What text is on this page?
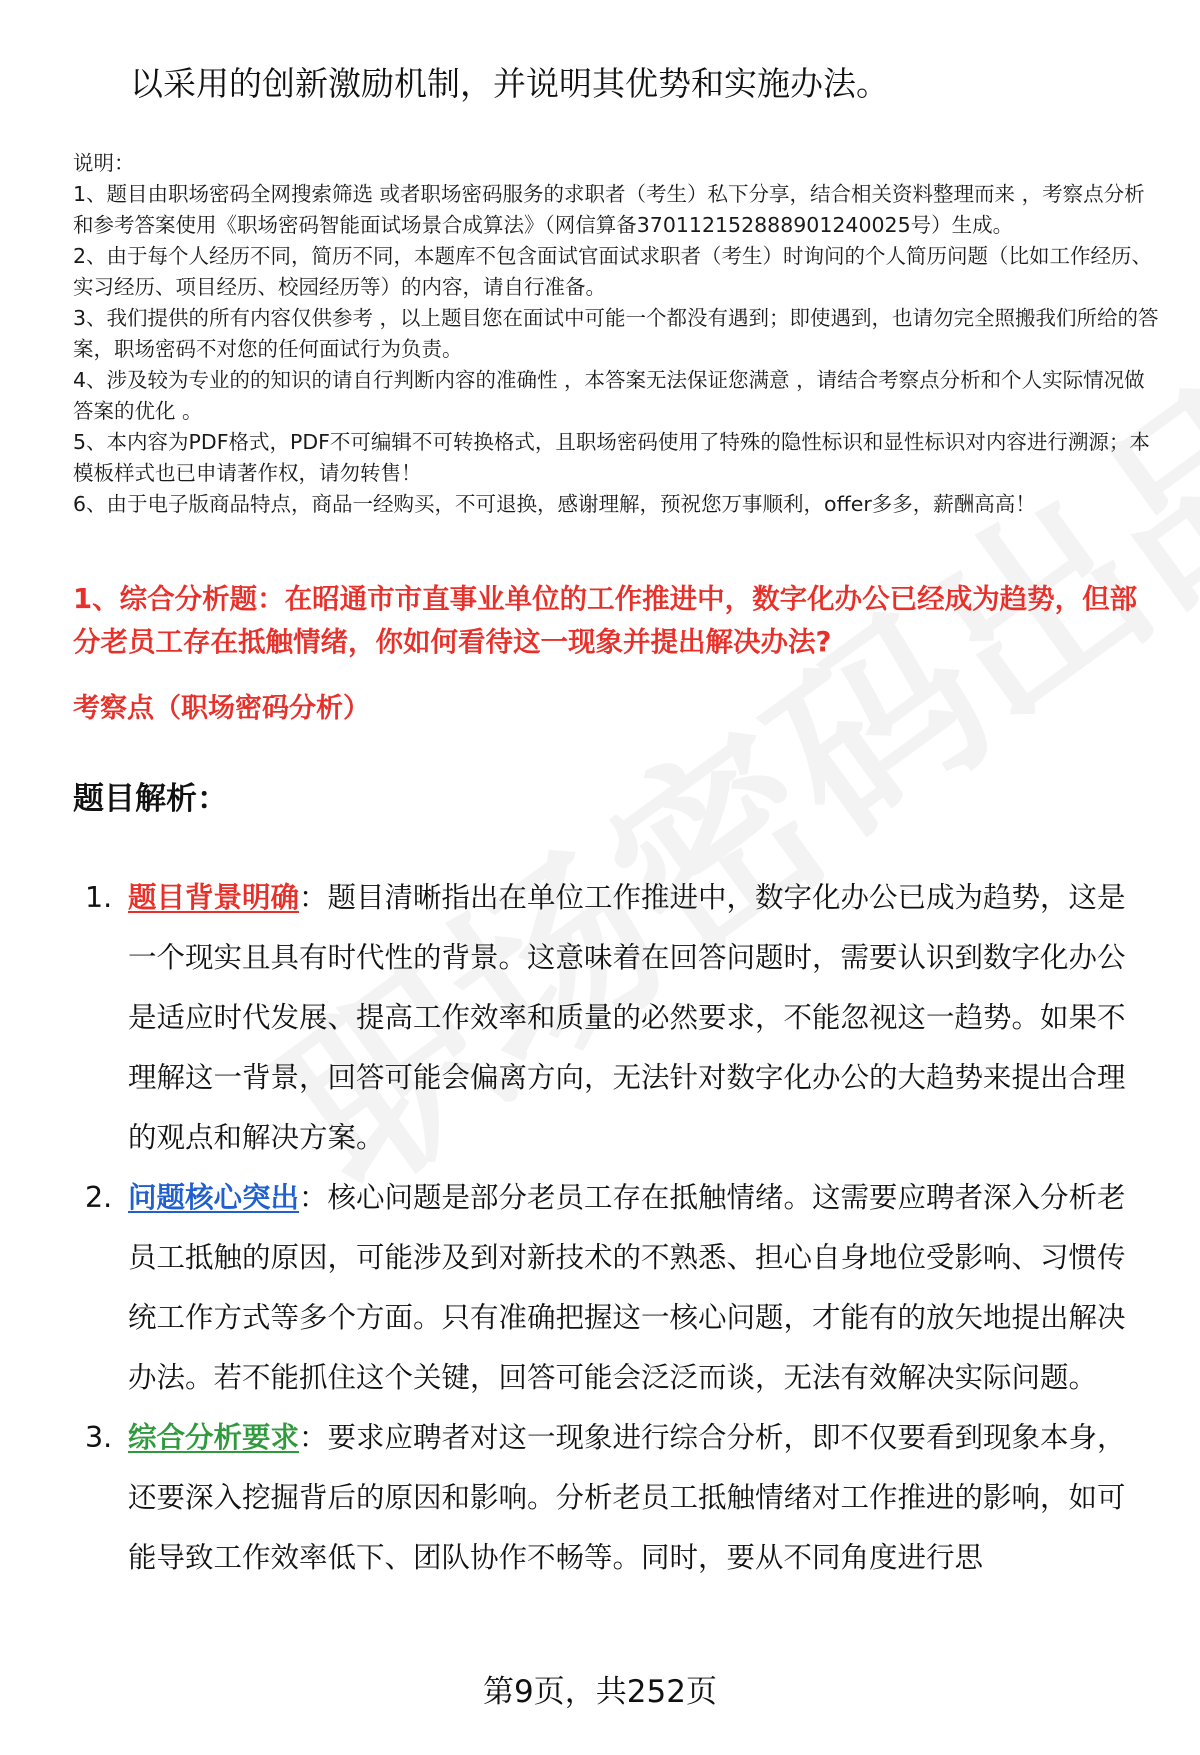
以采用的创新激励机制，并说明其优势和实施办法。

说明：

1、题目由职场密码全网搜索筛选 或者职场密码服务的求职者（考生）私下分享，结合相关资料整理而来 ，考察点分析和参考答案使用《职场密码智能面试场景合成算法》（网信算备370112152888901240025号）生成。

2、由于每个人经历不同，简历不同，本题库不包含面试官面试求职者（考生）时询问的个人简历问题（比如工作经历、实习经历、项目经历、校园经历等）的内容，请自行准备。

3、我们提供的所有内容仅供参考 ，以上题目您在面试中可能一个都没有遇到；即使遇到，也请勿完全照搬我们所给的答案，职场密码不对您的任何面试行为负责。

4、涉及较为专业的的知识的请自行判断内容的准确性 ，本答案无法保证您满意 ，请结合考察点分析和个人实际情况做答案的优化 。

5、本内容为PDF格式，PDF不可编辑不可转换格式，且职场密码使用了特殊的隐性标识和显性标识对内容进行溯源；本模板样式也已申请著作权，请勿转售！

6、由于电子版商品特点，商品一经购买，不可退换，感谢理解，预祝您万事顺利，offer多多，薪酬高高！

1、综合分析题：在昭通市市直事业单位的工作推进中，数字化办公已经成为趋势，但部分老员工存在抵触情绪，你如何看待这一现象并提出解决办法?
考察点（职场密码分析）
题目解析：
1. 题目背景明确：题目清晰指出在单位工作推进中，数字化办公已成为趋势，这是一个现实且具有时代性的背景。这意味着在回答问题时，需要认识到数字化办公是适应时代发展、提高工作效率和质量的必然要求，不能忽视这一趋势。如果不理解这一背景，回答可能会偏离方向，无法针对数字化办公的大趋势来提出合理的观点和解决方案。
2. 问题核心突出：核心问题是部分老员工存在抵触情绪。这需要应聘者深入分析老员工抵触的原因，可能涉及到对新技术的不熟悉、担心自身地位受影响、习惯传统工作方式等多个方面。只有准确把握这一核心问题，才能有的放矢地提出解决办法。若不能抓住这个关键，回答可能会泛泛而谈，无法有效解决实际问题。
3. 综合分析要求：要求应聘者对这一现象进行综合分析，即不仅要看到现象本身，还要深入挖掘背后的原因和影响。分析老员工抵触情绪对工作推进的影响，如可能导致工作效率低下、团队协作不畅等。同时，要从不同角度进行思
第9页，共252页
